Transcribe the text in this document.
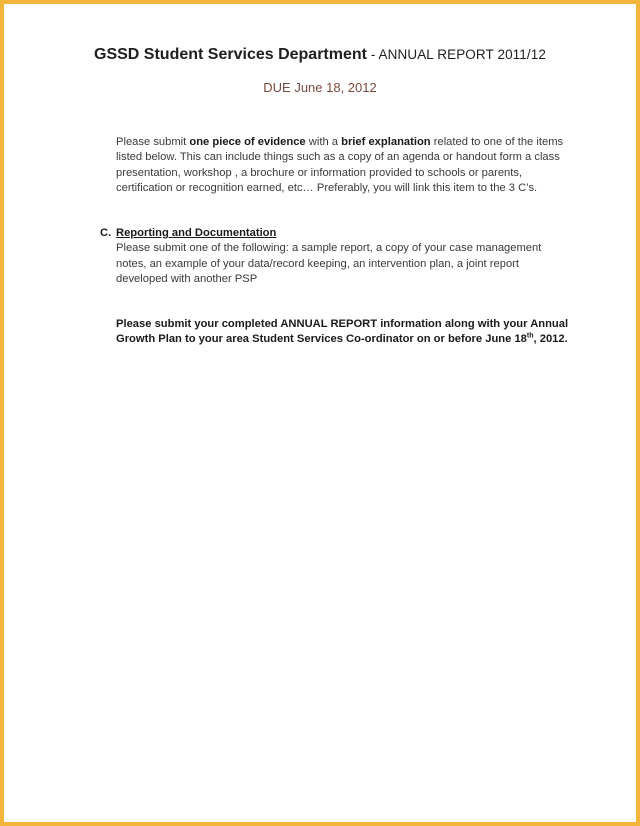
GSSD Student Services Department - ANNUAL REPORT 2011/12
DUE June 18, 2012
Please submit one piece of evidence with a brief explanation related to one of the items listed below. This can include things such as a copy of an agenda or handout form a class presentation, workshop , a brochure or information provided to schools or parents, certification or recognition earned, etc… Preferably, you will link this item to the 3 C’s.
C. Reporting and Documentation
Please submit one of the following: a sample report, a copy of your case management notes, an example of your data/record keeping, an intervention plan, a joint report developed with another PSP
Please submit your completed ANNUAL REPORT information along with your Annual Growth Plan to your area Student Services Co-ordinator on or before June 18th, 2012.
